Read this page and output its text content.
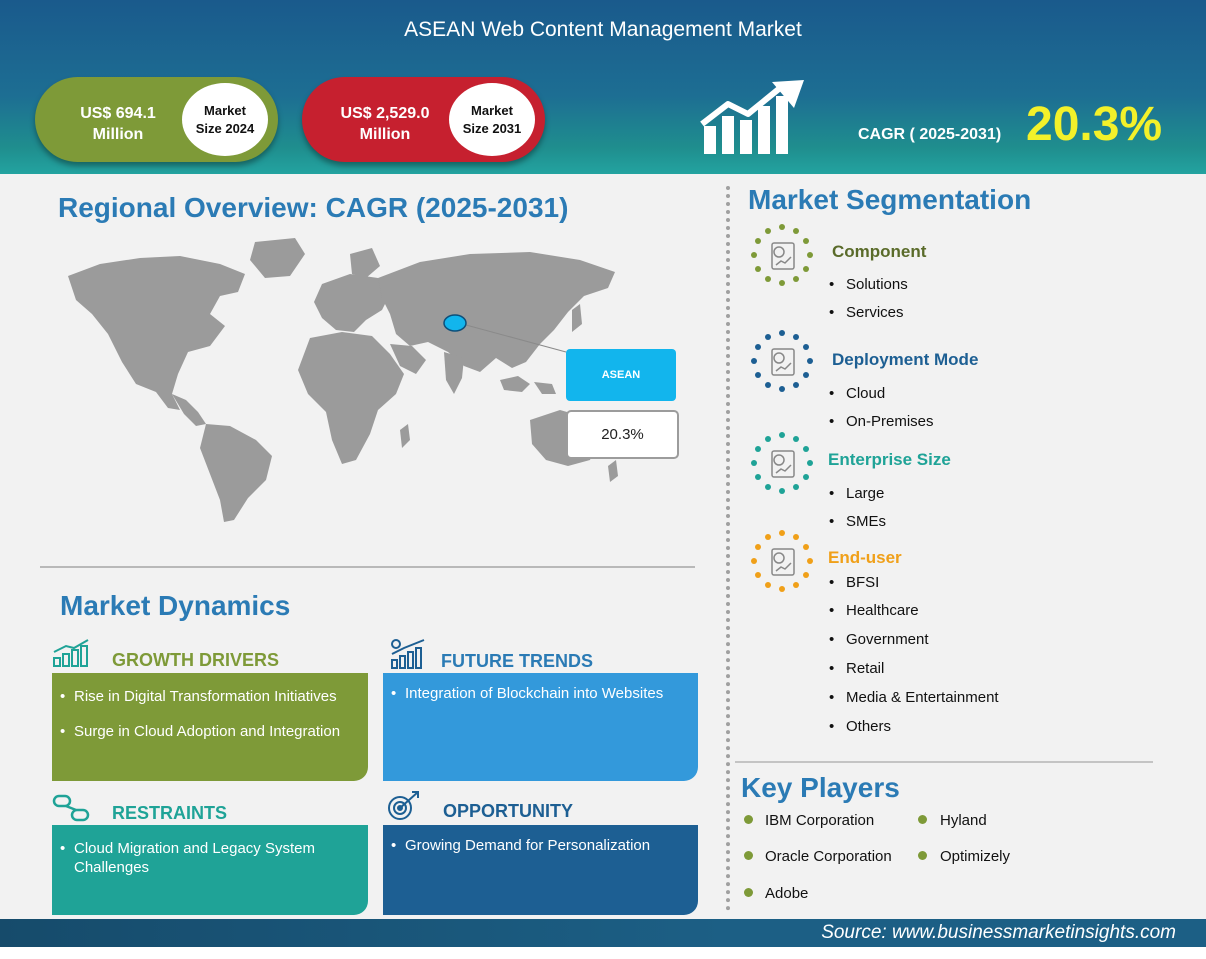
ASEAN Web Content Management Market
US$ 694.1 Million
Market Size 2024
US$ 2,529.0 Million
Market Size 2031	CAGR ( 2025-2031) 20.3%
Regional Overview: CAGR (2025-2031)
ASEAN
20.3%
Market Dynamics
GROWTH DRIVERS
• Rise in Digital Transformation Initiatives
• Surge in Cloud Adoption and Integration
FUTURE TRENDS
• Integration of Blockchain into Websites
RESTRAINTS
• Cloud Migration and Legacy System Challenges
OPPORTUNITY
• Growing Demand for Personalization
Market Segmentation
Component
• Solutions
• Services
Deployment Mode
• Cloud
• On-Premises
Enterprise Size
• Large
• SMEs
End-user
• BFSI
• Healthcare
• Government
• Retail
• Media & Entertainment
• Others
Key Players
IBM Corporation	Hyland
Oracle Corporation	Optimizely
Adobe
Source: www.businessmarketinsights.com
